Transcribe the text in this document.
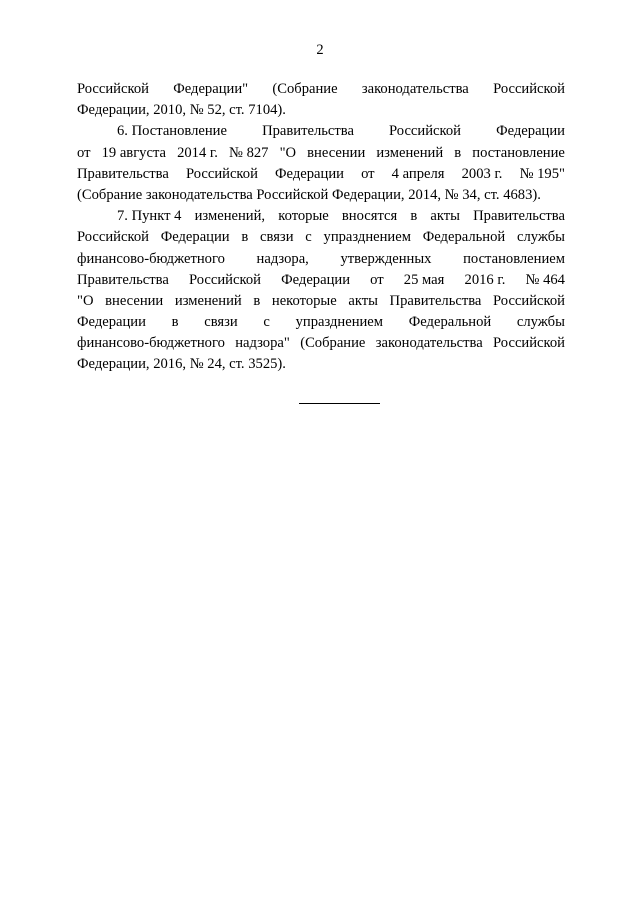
2
Российской Федерации" (Собрание законодательства Российской
Федерации, 2010, № 52, ст. 7104).
6. Постановление Правительства Российской Федерации
от 19 августа 2014 г. № 827 "О внесении изменений в постановление
Правительства Российской Федерации от 4 апреля 2003 г. № 195"
(Собрание законодательства Российской Федерации, 2014, № 34, ст. 4683).
7. Пункт 4 изменений, которые вносятся в акты Правительства
Российской Федерации в связи с упразднением Федеральной службы
финансово-бюджетного надзора, утвержденных постановлением
Правительства Российской Федерации от 25 мая 2016 г. № 464
"О внесении изменений в некоторые акты Правительства Российской
Федерации в связи с упразднением Федеральной службы
финансово-бюджетного надзора" (Собрание законодательства Российской
Федерации, 2016, № 24, ст. 3525).
